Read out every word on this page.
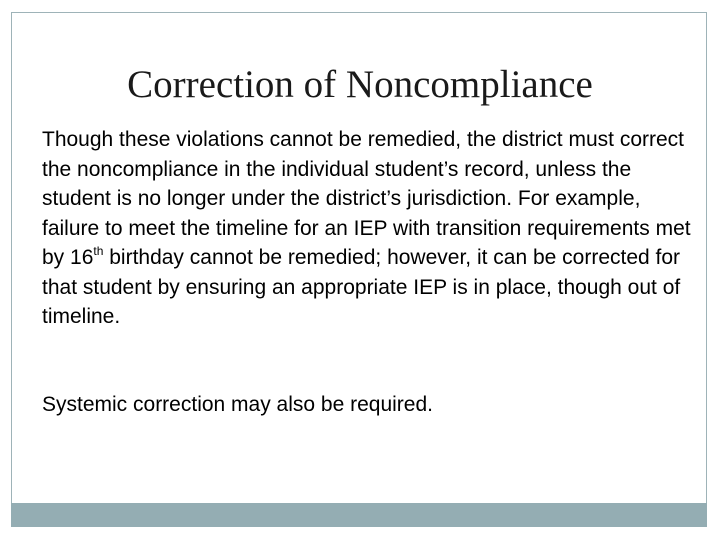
Correction of Noncompliance

Though these violations cannot be remedied, the district must correct the noncompliance in the individual student’s record, unless the student is no longer under the district’s jurisdiction. For example, failure to meet the timeline for an IEP with transition requirements met by 16th birthday cannot be remedied; however, it can be corrected for that student by ensuring an appropriate IEP is in place, though out of timeline.

Systemic correction may also be required.
